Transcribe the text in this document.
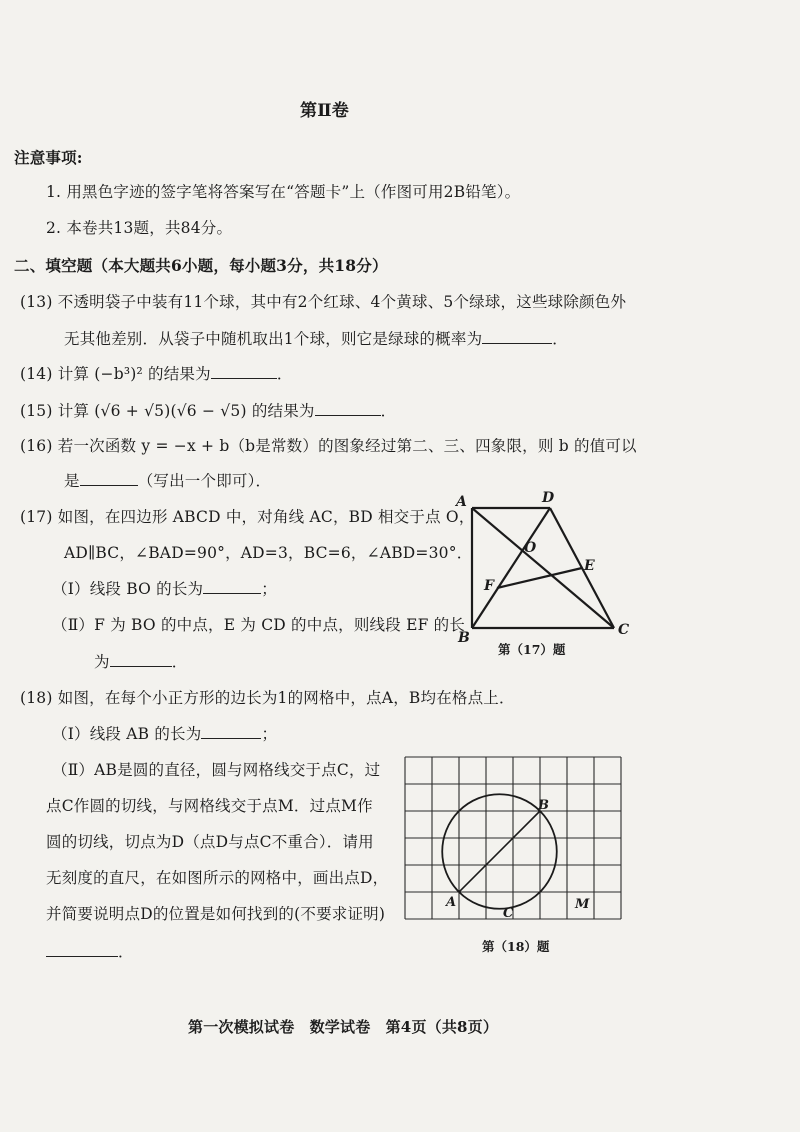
第Ⅱ卷
注意事项:
1. 用黑色字迹的签字笔将答案写在“答题卡”上（作图可用2B铅笔）。
2. 本卷共13题，共84分。
二、填空题（本大题共6小题，每小题3分，共18分）
(13) 不透明袋子中装有11个球，其中有2个红球、4个黄球、5个绿球，这些球除颜色外
无其他差别．从袋子中随机取出1个球，则它是绿球的概率为	．
(14) 计算 (−b³)² 的结果为	．
(15) 计算 (√6 + √5)(√6 − √5) 的结果为	．
(16) 若一次函数 y = −x + b（b是常数）的图象经过第二、三、四象限，则 b 的值可以
是	（写出一个即可）．
(17) 如图，在四边形 ABCD 中，对角线 AC，BD 相交于点 O，
AD∥BC，∠BAD=90°，AD=3，BC=6，∠ABD=30°．
（Ⅰ）线段 BO 的长为	；
（Ⅱ）F 为 BO 的中点，E 为 CD 的中点，则线段 EF 的长
为	．
A	D
O
E
F
B	C
第（17）题
(18) 如图，在每个小正方形的边长为1的网格中，点A，B均在格点上．
（Ⅰ）线段 AB 的长为	；
（Ⅱ）AB是圆的直径，圆与网格线交于点C，过
点C作圆的切线，与网格线交于点M．过点M作
圆的切线，切点为D（点D与点C不重合）．请用
无刻度的直尺，在如图所示的网格中，画出点D，
并简要说明点D的位置是如何找到的(不要求证明)
．
A
B
C
M
第（18）题
第一次模拟试卷　数学试卷　第4页（共8页）
